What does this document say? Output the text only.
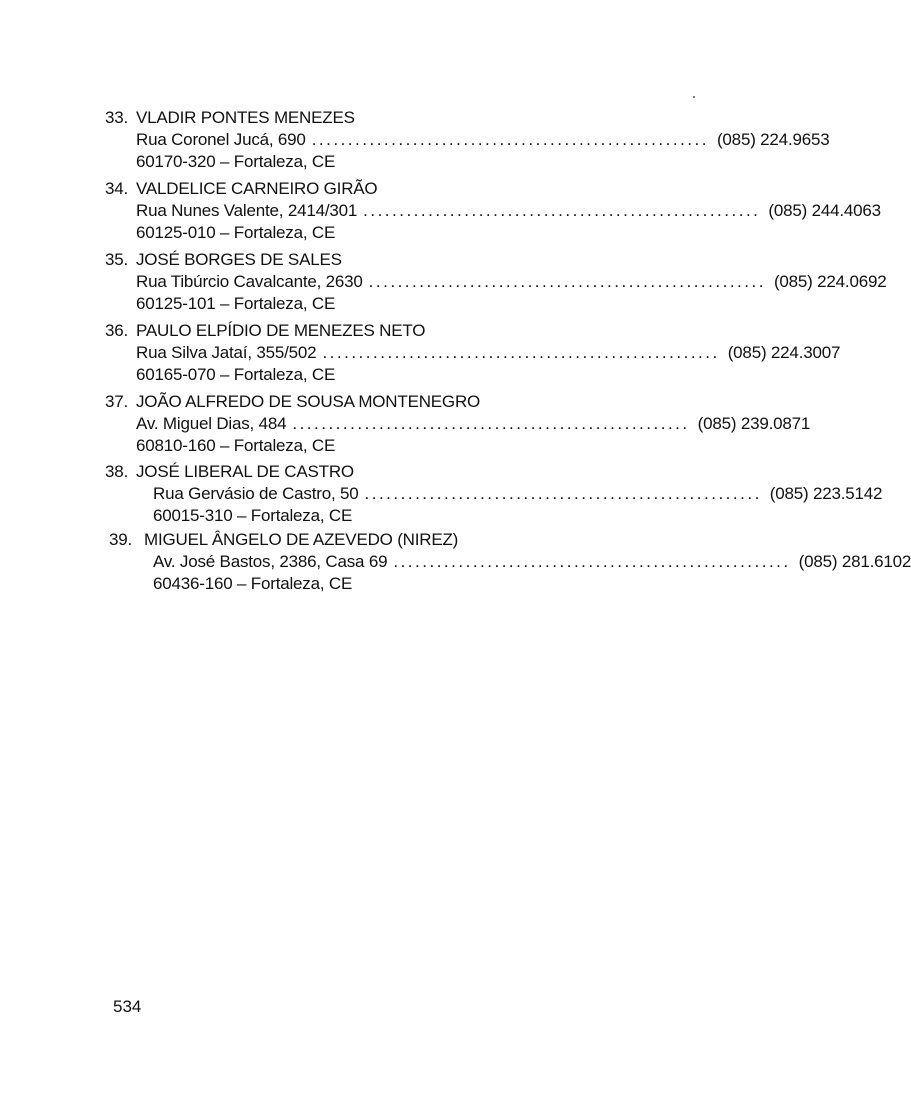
33. VLADIR PONTES MENEZES
Rua Coronel Jucá, 690 ....................................................... (085) 224.9653
60170-320 – Fortaleza, CE
34. VALDELICE CARNEIRO GIRÃO
Rua Nunes Valente, 2414/301 ....................................................... (085) 244.4063
60125-010 – Fortaleza, CE
35. JOSÉ BORGES DE SALES
Rua Tibúrcio Cavalcante, 2630 ....................................................... (085) 224.0692
60125-101 – Fortaleza, CE
36. PAULO ELPÍDIO DE MENEZES NETO
Rua Silva Jataí, 355/502 ....................................................... (085) 224.3007
60165-070 – Fortaleza, CE
37. JOÃO ALFREDO DE SOUSA MONTENEGRO
Av. Miguel Dias, 484 ....................................................... (085) 239.0871
60810-160 – Fortaleza, CE
38. JOSÉ LIBERAL DE CASTRO
Rua Gervásio de Castro, 50 ....................................................... (085) 223.5142
60015-310 – Fortaleza, CE
39. MIGUEL ÂNGELO DE AZEVEDO (NIREZ)
Av. José Bastos, 2386, Casa 69 ....................................................... (085) 281.6102
60436-160 – Fortaleza, CE
534
